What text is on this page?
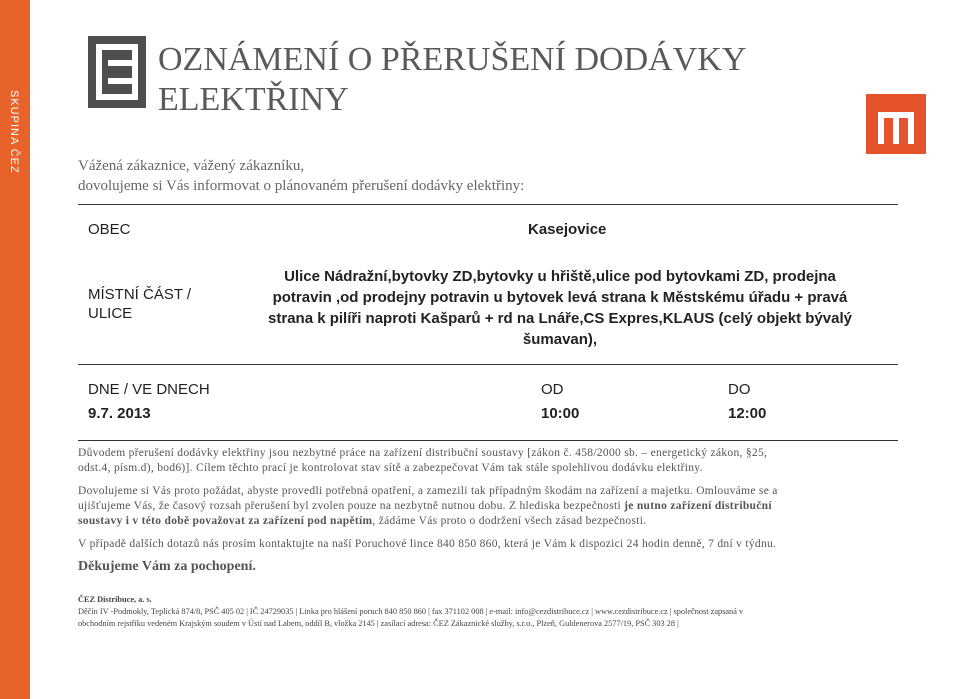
SKUPINA ČEZ
OZNÁMENÍ O PŘERUŠENÍ DODÁVKY ELEKTŘINY
Vážená zákaznice, vážený zákazníku,
dovolujeme si Vás informovat o plánovaném přerušení dodávky elektřiny:
OBEC	Kasejovice
MÍSTNÍ ČÁST /
ULICE
Ulice Nádražní,bytovky ZD,bytovky u hřiště,ulice pod bytovkami ZD, prodejna
potravin ,od prodejny potravin u bytovek levá strana k Městskému úřadu + pravá
strana k pilíři naproti Kašparů + rd na Lnáře,CS Expres,KLAUS (celý objekt bývalý
šumavan),
DNE / VE DNECH	OD	DO
9.7. 2013	10:00	12:00
Důvodem přerušení dodávky elektřiny jsou nezbytné práce na zařízení distribuční soustavy [zákon č. 458/2000 sb. – energetický zákon, §25,
odst.4, písm.d), bod6)]. Cílem těchto prací je kontrolovat stav sítě a zabezpečovat Vám tak stále spolehlivou dodávku elektřiny.
Dovolujeme si Vás proto požádat, abyste provedli potřebná opatření, a zamezili tak případným škodám na zařízení a majetku. Omlouváme se a
ujišťujeme Vás, že časový rozsah přerušení byl zvolen pouze na nezbytně nutnou dobu. Z hlediska bezpečnosti je nutno zařízení distribuční
soustavy i v této době považovat za zařízení pod napětím, žádáme Vás proto o dodržení všech zásad bezpečnosti.
V případě dalších dotazů nás prosím kontaktujte na naší Poruchové lince 840 850 860, která je Vám k dispozici 24 hodin denně, 7 dní v týdnu.
Děkujeme Vám za pochopení.
ČEZ Distribuce, a. s.
Děčín IV -Podmokly, Teplická 874/8, PSČ 405 02 | IČ 24729035 | Linka pro hlášení poruch 840 850 860 | fax 371102 008 | e-mail: info@cezdistribuce.cz | www.cezdistribuce.cz | společnost zapsaná v
obchodním rejstříku vedeném Krajským soudem v Ústí nad Labem, oddíl B, vložka 2145 | zasílací adresa: ČEZ Zákaznické služby, s.r.o., Plzeň, Guldenerova 2577/19, PSČ 303 28 |
